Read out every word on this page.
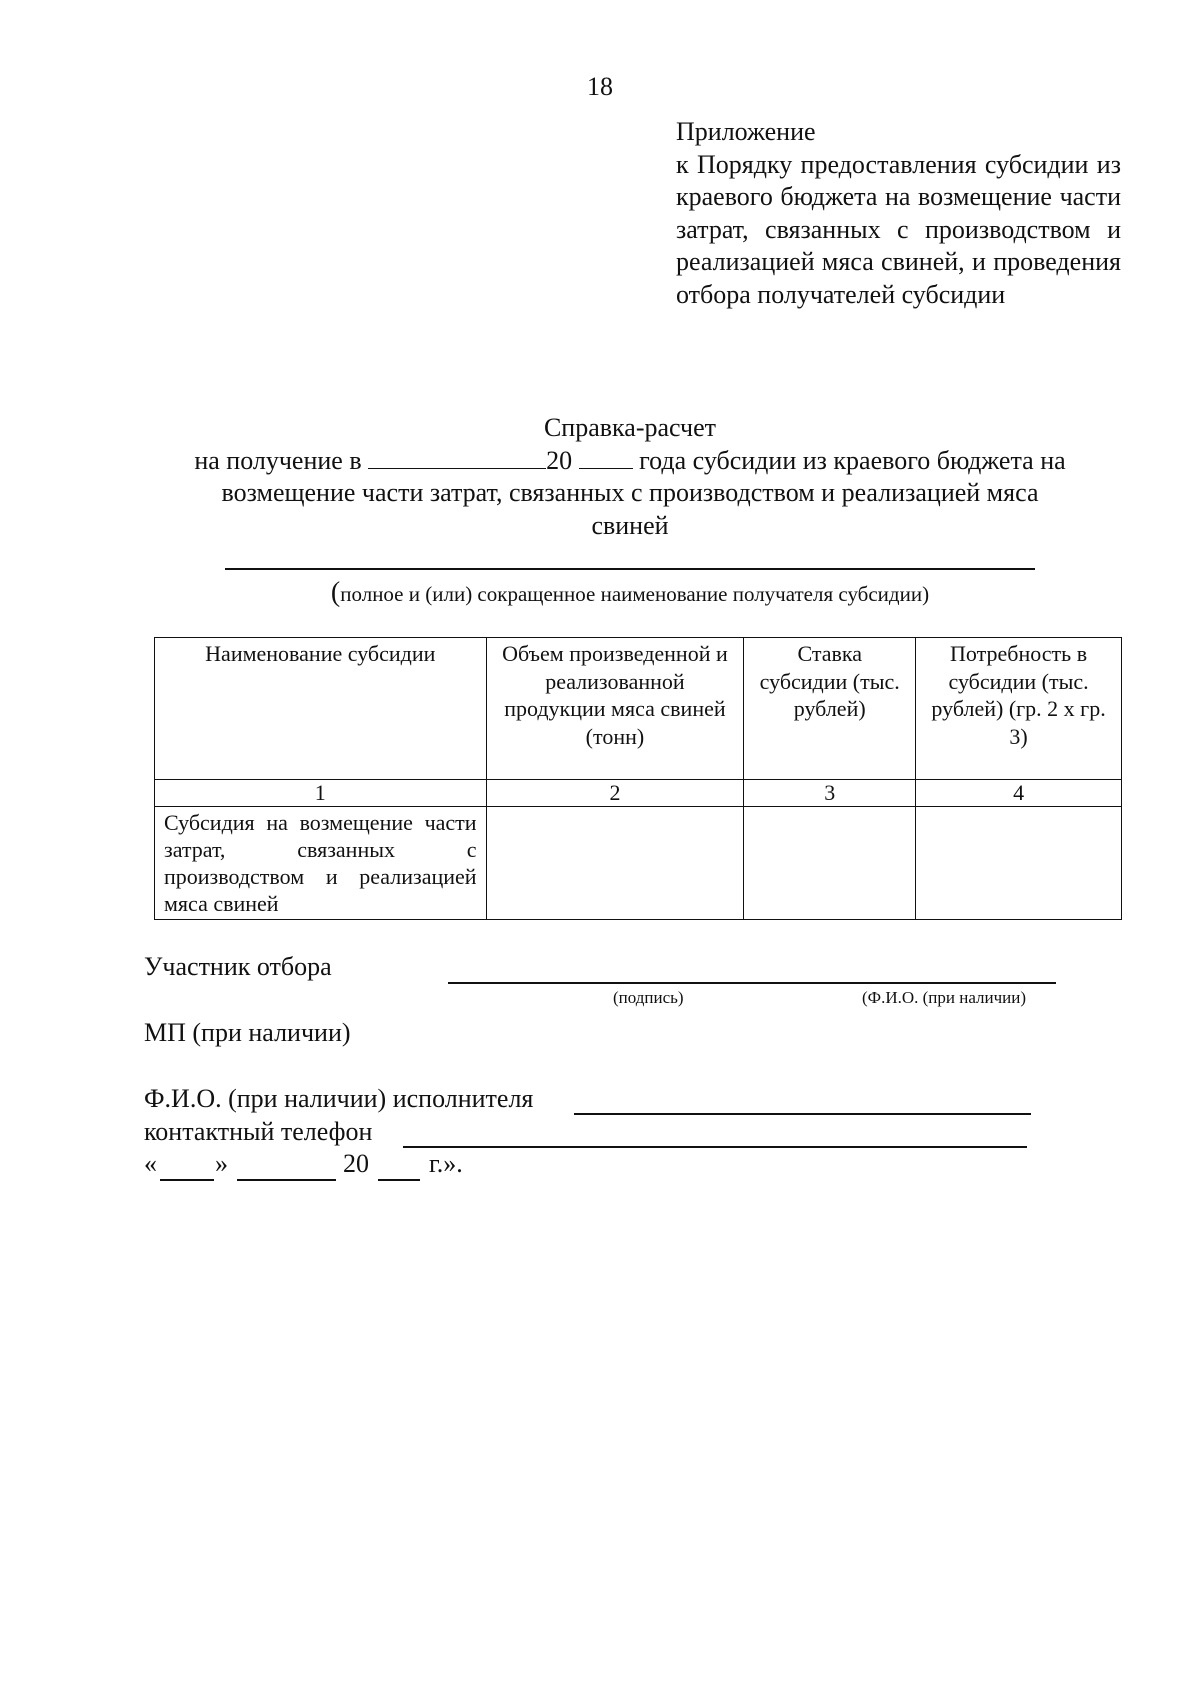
18
Приложение
к Порядку предоставления субсидии из краевого бюджета на возмещение части затрат, связанных с производством и реализацией мяса свиней, и проведения отбора получателей субсидии
Справка-расчет
на получение в	20  года субсидии из краевого бюджета на
возмещение части затрат, связанных с производством и реализацией мяса
свиней
(полное и (или) сокращенное наименование получателя субсидии)
Наименование субсидии	Объем произведенной и реализованной продукции мяса свиней (тонн)	Ставка субсидии (тыс. рублей)	Потребность в субсидии (тыс. рублей) (гр. 2 х гр. 3)
1	2	3	4
Субсидия на возмещение части затрат, связанных с производством и реализацией мяса свиней			
Участник отбора
(подпись)	(Ф.И.О. (при наличии)
МП (при наличии)
Ф.И.О. (при наличии) исполнителя
контактный телефон
« »	20 г.».
